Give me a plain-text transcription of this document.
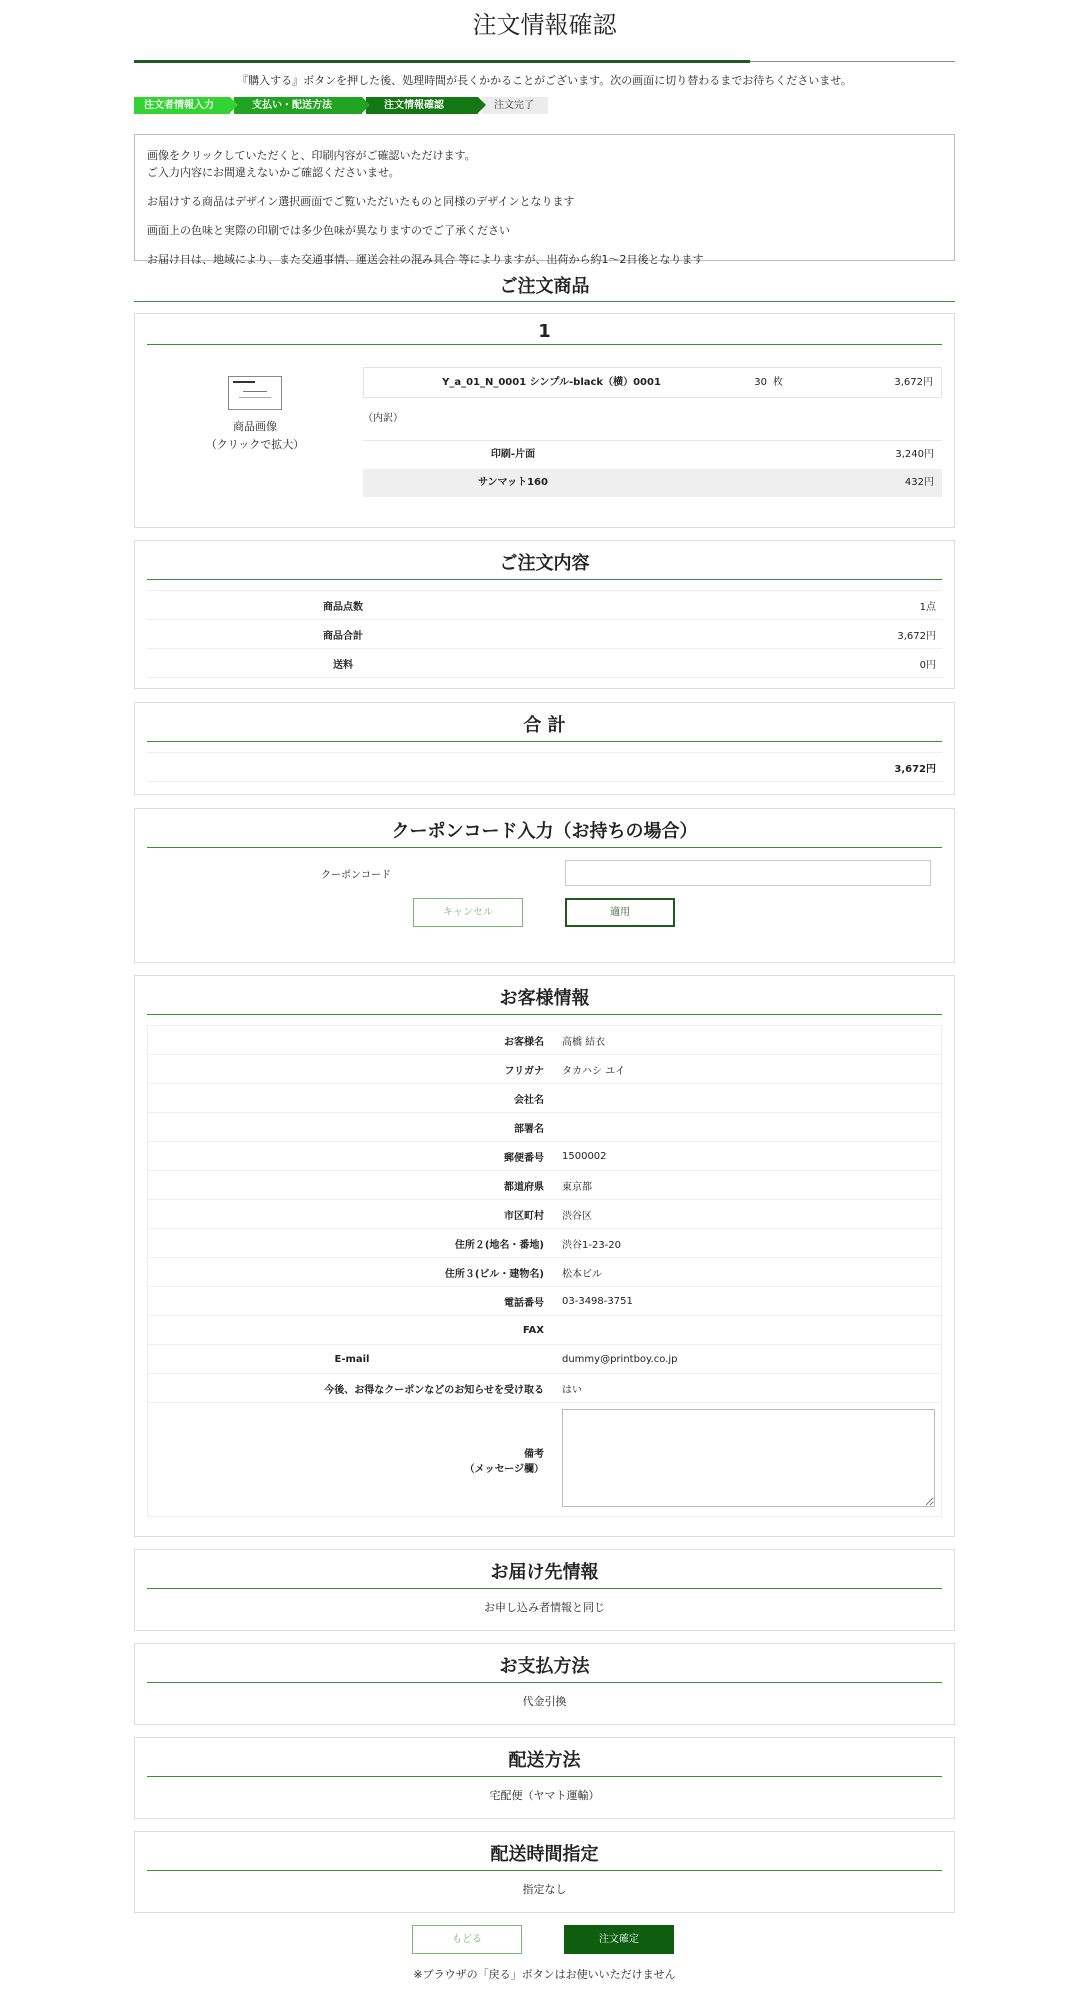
注文情報確認
『購入する』ボタンを押した後、処理時間が長くかかることがございます。次の画面に切り替わるまでお待ちくださいませ。
注文者情報入力	支払い・配送方法	注文情報確認	注文完了

画像をクリックしていただくと、印刷内容がご確認いただけます。

ご入力内容にお間違えないかご確認くださいませ。

お届けする商品はデザイン選択画面でご覧いただいたものと同様のデザインとなります

画面上の色味と実際の印刷では多少色味が異なりますのでご了承ください

お届け日は、地域により、また交通事情、運送会社の混み具合 等によりますが、出荷から約1〜2日後となります

ご注文商品
1
商品画像
（クリックで拡大）
Y_a_01_N_0001 シンプル-black（横）0001	30 枚	3,672円
（内訳）
印刷-片面	3,240円
サンマット160	432円
ご注文内容
商品点数	1点
商品合計	3,672円
送料	0円
合 計
3,672円
クーポンコード入力（お持ちの場合）
クーポンコード
キャンセル	適用
お客様情報
お客様名	高橋 結衣
フリガナ	タカハシ ユイ
会社名	
部署名	
郵便番号	1500002
都道府県	東京都
市区町村	渋谷区
住所２(地名・番地)	渋谷1-23-20
住所３(ビル・建物名)	松本ビル
電話番号	03-3498-3751
FAX	
E-mail	dummy@printboy.co.jp
今後、お得なクーポンなどのお知らせを受け取る	はい

備考
（メッセージ欄）

お届け先情報
お申し込み者情報と同じ
お支払方法
代金引換
配送方法
宅配便（ヤマト運輸）
配送時間指定
指定なし
もどる	注文確定
※ブラウザの「戻る」ボタンはお使いいただけません
